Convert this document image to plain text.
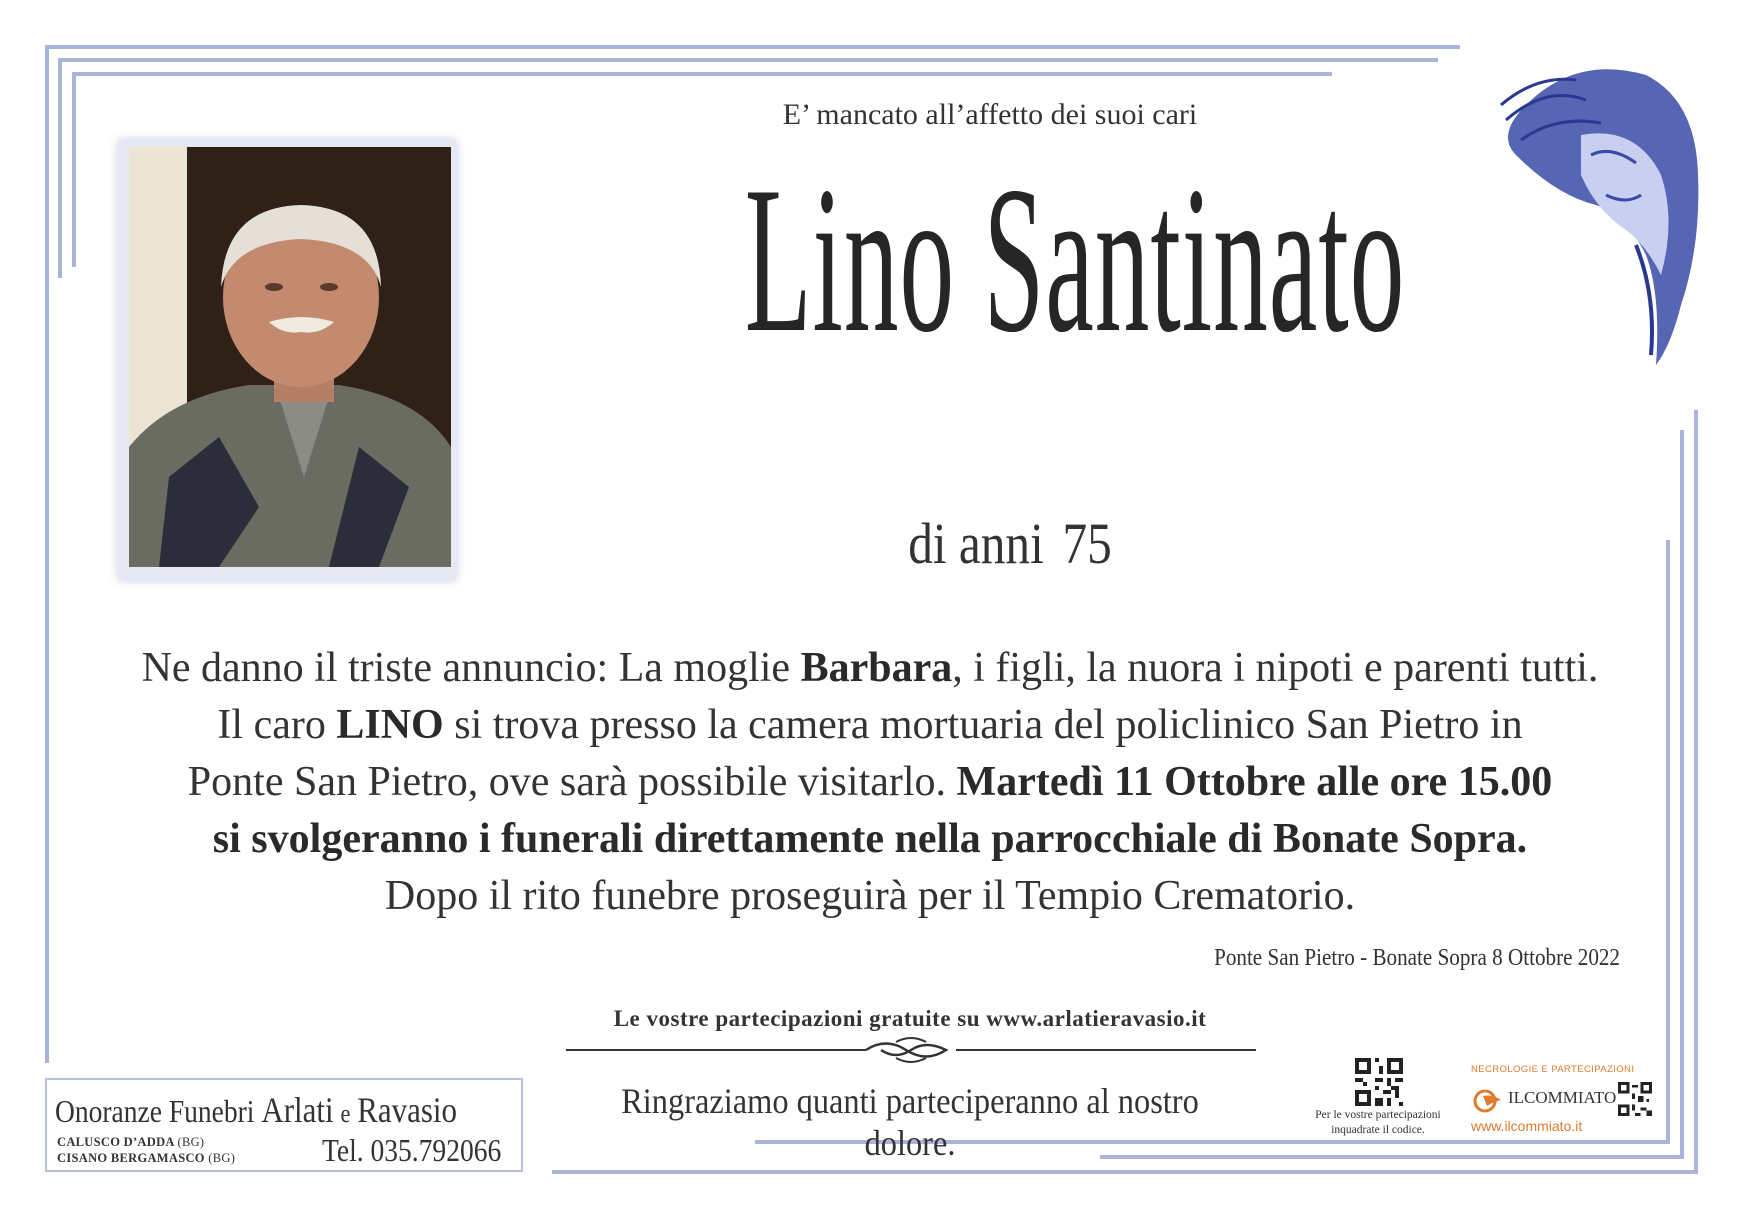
E’ mancato all’affetto dei suoi cari
Lino Santinato
di anni 75
Ne danno il triste annuncio: La moglie Barbara, i figli, la nuora i nipoti e parenti tutti.
Il caro LINO si trova presso la camera mortuaria del policlinico San Pietro in
Ponte San Pietro, ove sarà possibile visitarlo. Martedì 11 Ottobre alle ore 15.00
si svolgeranno i funerali direttamente nella parrocchiale di Bonate Sopra.
Dopo il rito funebre proseguirà per il Tempio Crematorio.
Ponte San Pietro - Bonate Sopra 8 Ottobre 2022
Le vostre partecipazioni gratuite su www.arlatieravasio.it
Ringraziamo quanti parteciperanno al nostro dolore.
Onoranze Funebri Arlati e Ravasio
CALUSCO D’ADDA (BG)
CISANO BERGAMASCO (BG)	Tel. 035.792066
Per le vostre partecipazioni
inquadrate il codice.
NECROLOGIE E PARTECIPAZIONI
ILCOMMIATO
www.ilcommiato.it
